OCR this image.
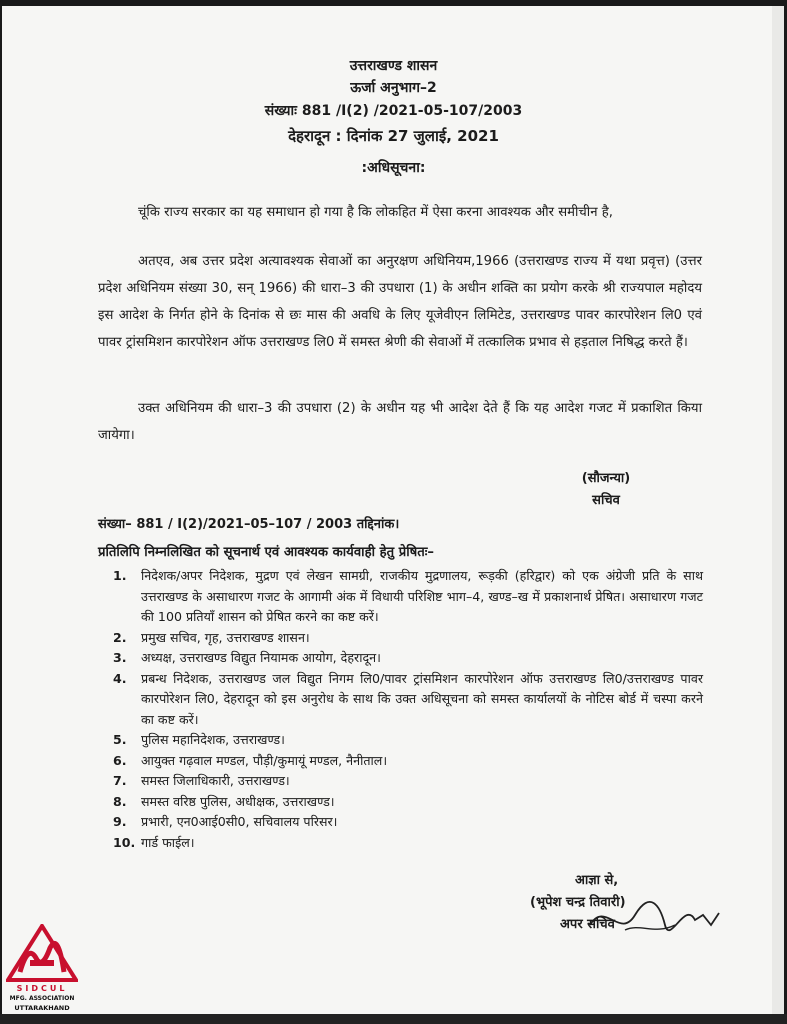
उत्तराखण्ड शासन
ऊर्जा अनुभाग–2
संख्याः 881 /I(2) /2021-05-107/2003
देहरादून : दिनांक 27 जुलाई, 2021
:अधिसूचना:
चूंकि राज्य सरकार का यह समाधान हो गया है कि लोकहित में ऐसा करना आवश्यक और समीचीन है,
अतएव, अब उत्तर प्रदेश अत्यावश्यक सेवाओं का अनुरक्षण अधिनियम,1966 (उत्तराखण्ड राज्य में यथा प्रवृत्त) (उत्तर प्रदेश अधिनियम संख्या 30, सन् 1966) की धारा–3 की उपधारा (1) के अधीन शक्ति का प्रयोग करके श्री राज्यपाल महोदय इस आदेश के निर्गत होने के दिनांक से छः मास की अवधि के लिए यूजेवीएन लिमिटेड, उत्तराखण्ड पावर कारपोरेशन लि0 एवं पावर ट्रांसमिशन कारपोरेशन ऑफ उत्तराखण्ड लि0 में समस्त श्रेणी की सेवाओं में तत्कालिक प्रभाव से हड़ताल निषिद्ध करते हैं।
उक्त अधिनियम की धारा–3 की उपधारा (2) के अधीन यह भी आदेश देते हैं कि यह आदेश गजट में प्रकाशित किया जायेगा।
(सौजन्या)
सचिव
संख्या– 881 / I(2)/2021–05–107 / 2003 तद्दिनांक।
प्रतिलिपि निम्नलिखित को सूचनार्थ एवं आवश्यक कार्यवाही हेतु प्रेषितः–
1.	निदेशक/अपर निदेशक, मुद्रण एवं लेखन सामग्री, राजकीय मुद्रणालय, रूड़की (हरिद्वार) को एक अंग्रेजी प्रति के साथ उत्तराखण्ड के असाधारण गजट के आगामी अंक में विधायी परिशिष्ट भाग–4, खण्ड–ख में प्रकाशनार्थ प्रेषित। असाधारण गजट की 100 प्रतियाँ शासन को प्रेषित करने का कष्ट करें।
2.	प्रमुख सचिव, गृह, उत्तराखण्ड शासन।
3.	अध्यक्ष, उत्तराखण्ड विद्युत नियामक आयोग, देहरादून।
4.	प्रबन्ध निदेशक, उत्तराखण्ड जल विद्युत निगम लि0/पावर ट्रांसमिशन कारपोरेशन ऑफ उत्तराखण्ड लि0/उत्तराखण्ड पावर कारपोरेशन लि0, देहरादून को इस अनुरोध के साथ कि उक्त अधिसूचना को समस्त कार्यालयों के नोटिस बोर्ड में चस्पा करने का कष्ट करें।
5.	पुलिस महानिदेशक, उत्तराखण्ड।
6.	आयुक्त गढ़वाल मण्डल, पौड़ी/कुमायूं मण्डल, नैनीताल।
7.	समस्त जिलाधिकारी, उत्तराखण्ड।
8.	समस्त वरिष्ठ पुलिस, अधीक्षक, उत्तराखण्ड।
9.	प्रभारी, एन0आई0सी0, सचिवालय परिसर।
10. गार्ड फाईल।
आज्ञा से,
(भूपेश चन्द्र तिवारी)
अपर सचिव
SIDCUL
MFG. ASSOCIATION
UTTARAKHAND
